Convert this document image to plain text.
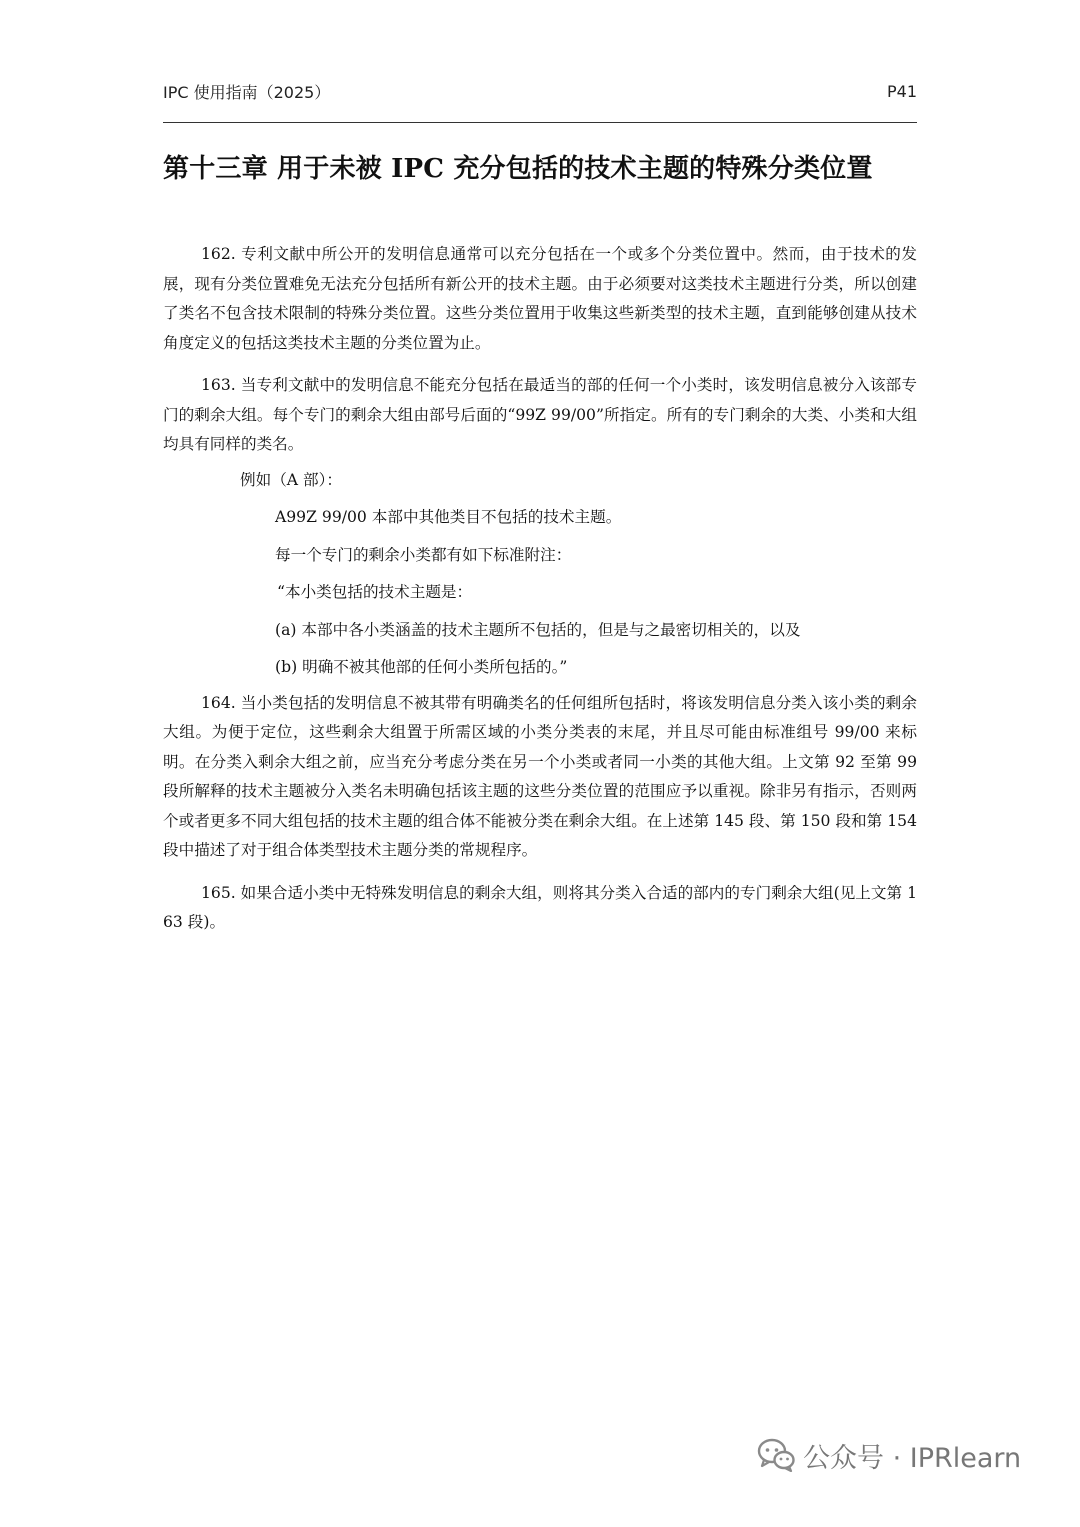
IPC 使用指南（2025）	P41
第十三章 用于未被 IPC 充分包括的技术主题的特殊分类位置

162. 专利文献中所公开的发明信息通常可以充分包括在一个或多个分类位置中。然而，由于技术的发展，现有分类位置难免无法充分包括所有新公开的技术主题。由于必须要对这类技术主题进行分类，所以创建了类名不包含技术限制的特殊分类位置。这些分类位置用于收集这些新类型的技术主题，直到能够创建从技术角度定义的包括这类技术主题的分类位置为止。

163. 当专利文献中的发明信息不能充分包括在最适当的部的任何一个小类时，该发明信息被分入该部专门的剩余大组。每个专门的剩余大组由部号后面的“99Z 99/00”所指定。所有的专门剩余的大类、小类和大组均具有同样的类名。

例如（A 部）：

A99Z 99/00 本部中其他类目不包括的技术主题。

每一个专门的剩余小类都有如下标准附注：

“本小类包括的技术主题是：

(a) 本部中各小类涵盖的技术主题所不包括的，但是与之最密切相关的，以及

(b) 明确不被其他部的任何小类所包括的。”

164. 当小类包括的发明信息不被其带有明确类名的任何组所包括时，将该发明信息分类入该小类的剩余大组。为便于定位，这些剩余大组置于所需区域的小类分类表的末尾，并且尽可能由标准组号 99/00 来标明。在分类入剩余大组之前，应当充分考虑分类在另一个小类或者同一小类的其他大组。上文第 92 至第 99 段所解释的技术主题被分入类名未明确包括该主题的这些分类位置的范围应予以重视。除非另有指示，否则两个或者更多不同大组包括的技术主题的组合体不能被分类在剩余大组。在上述第 145 段、第 150 段和第 154 段中描述了对于组合体类型技术主题分类的常规程序。

165. 如果合适小类中无特殊发明信息的剩余大组，则将其分类入合适的部内的专门剩余大组(见上文第 163 段)。

公众号 · IPRlearn
